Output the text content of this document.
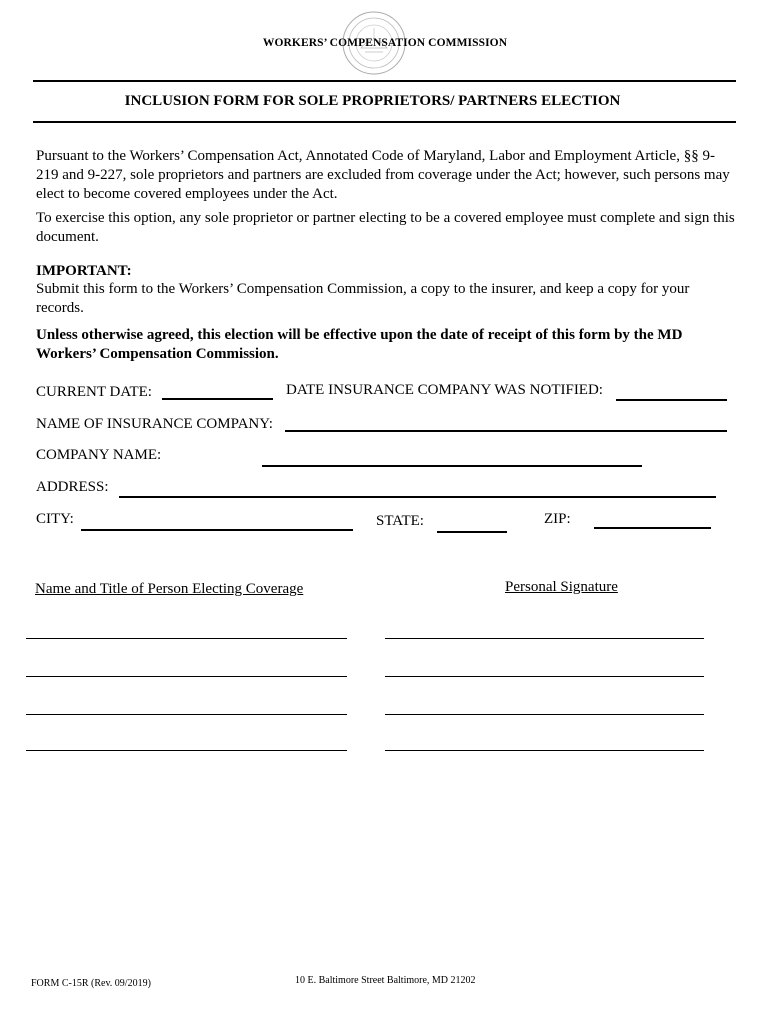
WORKERS’ COMPENSATION COMMISSION
INCLUSION FORM FOR SOLE PROPRIETORS/ PARTNERS ELECTION
Pursuant to the Workers’ Compensation Act, Annotated Code of Maryland, Labor and Employment Article, §§ 9-219 and 9-227, sole proprietors and partners are excluded from coverage under the Act; however, such persons may elect to become covered employees under the Act.
To exercise this option, any sole proprietor or partner electing to be a covered employee must complete and sign this document.
IMPORTANT:
Submit this form to the Workers’ Compensation Commission, a copy to the insurer, and keep a copy for your records.
Unless otherwise agreed, this election will be effective upon the date of receipt of this form by the MD Workers’ Compensation Commission.
CURRENT DATE:	DATE INSURANCE COMPANY WAS NOTIFIED:
NAME OF INSURANCE COMPANY:
COMPANY NAME:
ADDRESS:
CITY:	STATE:	ZIP:
Name and Title of Person Electing Coverage	Personal Signature
FORM C-15R (Rev. 09/2019)	10 E. Baltimore Street Baltimore, MD 21202
